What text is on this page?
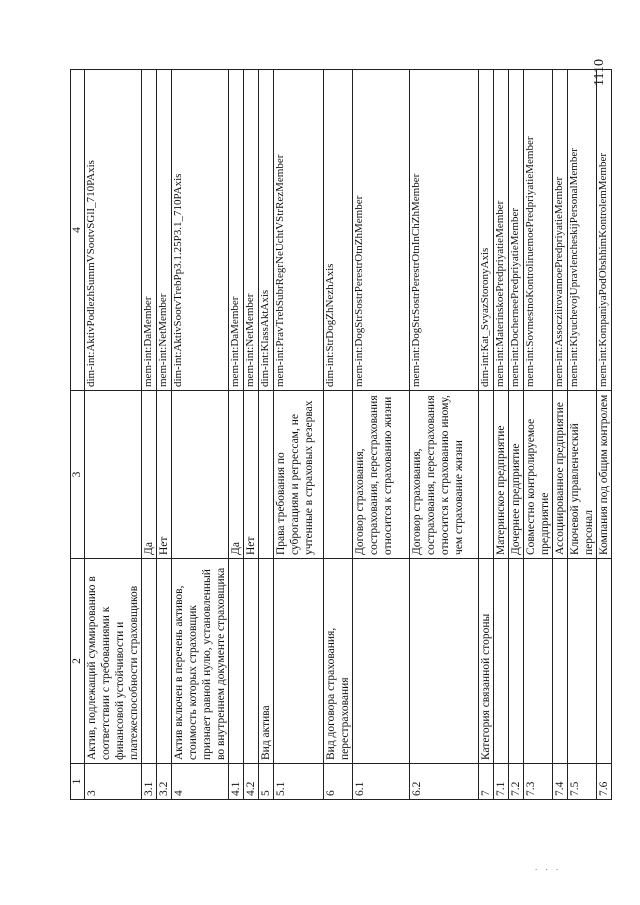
1110
. . .
1	2	3	4
3	Актив, подлежащий суммированию в соответствии с требованиями к финансовой устойчивости и платежеспособности страховщиков		dim-int:AktivPodlezhSummVSootvSGlI_710PAxis
3.1		Да	mem-int:DaMember
3.2		Нет	mem-int:NetMember
4	Актив включен в перечень активов, стоимость которых страховщик признает равной нулю, установленный во внутреннем документе страховщика		dim-int:AktivSootvTrebPp3.1.25P3.1_710PAxis
4.1		Да	mem-int:DaMember
4.2		Нет	mem-int:NetMember
5	Вид актива		dim-int:KlassAktAxis
5.1		Права требования по суброгациям и регрессам, не учтенные в страховых резервах	mem-int:PravTrebSubrRegrNeUchtVStrRezMember
6	Вид договора страхования, перестрахования		dim-int:StrDogZhNezhAxis
6.1		Договор страхования, сострахования, перестрахования относится к страхованию жизни	mem-int:DogStrSostrPerestrOtnZhMember
6.2		Договор страхования, сострахования, перестрахования относится к страхованию иному, чем страхование жизни	mem-int:DogStrSostrPerestrOtnInChZhMember
7	Категория связанной стороны		dim-int:Kat_SvyazStoronyAxis
7.1		Материнское предприятие	mem-int:MaterinskoePredpriyatieMember
7.2		Дочернее предприятие	mem-int:DocherneePredpriyatieMember
7.3		Совместно контролируемое предприятие	mem-int:SovmestnoKontroliruemoePredpriyatieMember
7.4		Ассоциированное предприятие	mem-int:AssocziirovannoePredpriyatieMember
7.5		Ключевой управленческий персонал	mem-int:KlyuchevojUpravlencheskijPersonalMember
7.6		Компания под общим контролем	mem-int:KompaniyaPodObshhimKontrolemMember
